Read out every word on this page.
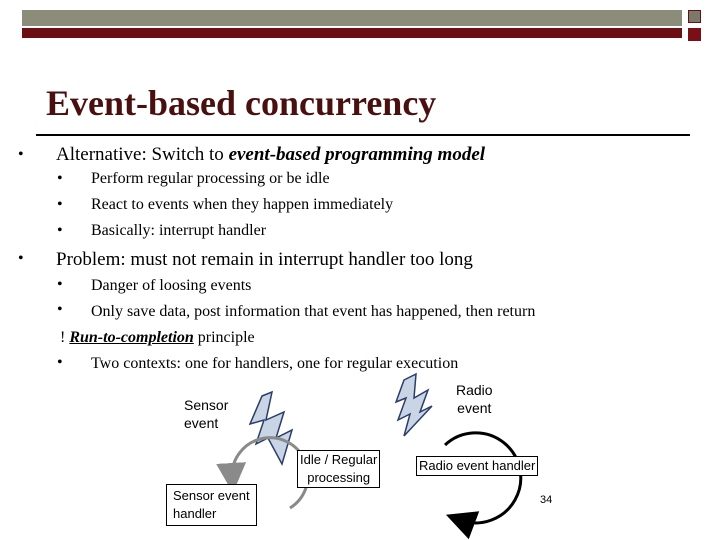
Event-based concurrency
• Alternative: Switch to event-based programming model
• Perform regular processing or be idle
• React to events when they happen immediately
• Basically: interrupt handler
• Problem: must not remain in interrupt handler too long
• Danger of loosing events
• Only save data, post information that event has happened, then return
! Run-to-completion principle
• Two contexts: one for handlers, one for regular execution
Sensor
event
Radio
event
Idle / Regular
processing
Sensor event
handler
Radio event handler
34
